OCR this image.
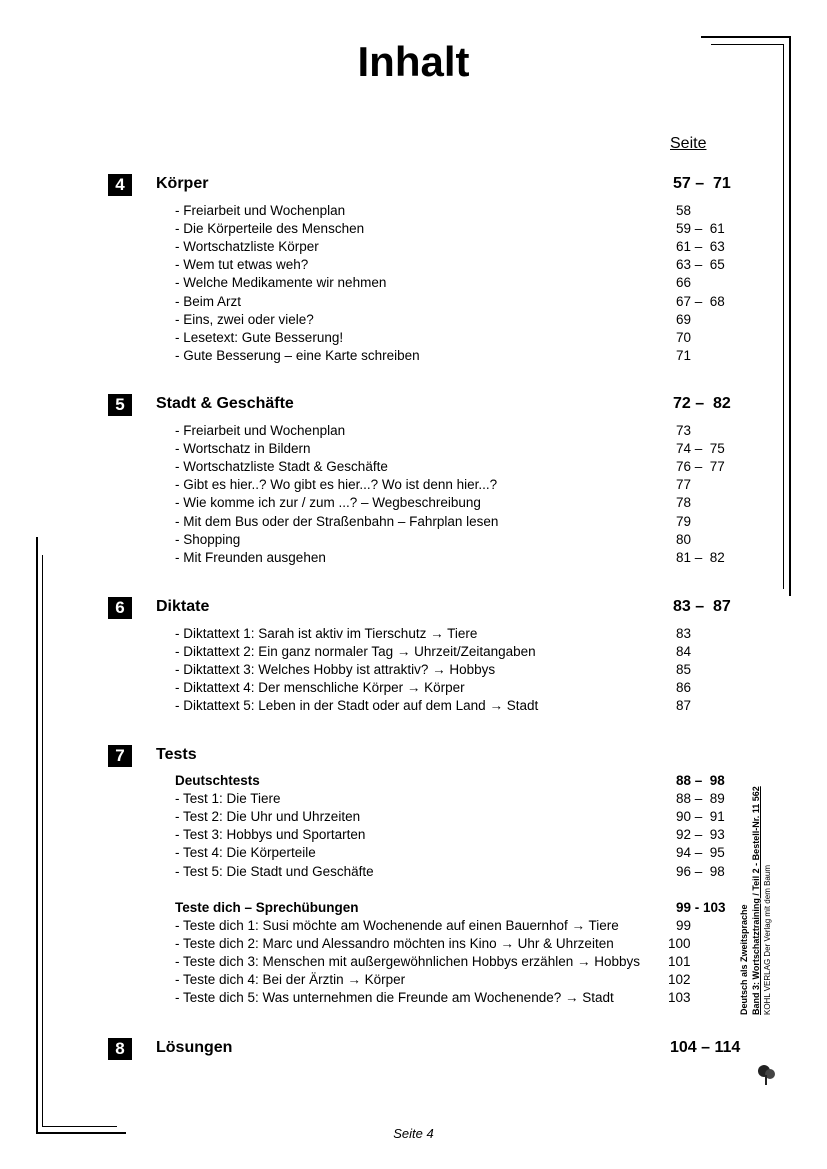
Inhalt
Seite
4	Körper	57 –  71
- Freiarbeit und Wochenplan	58
- Die Körperteile des Menschen	59 –  61
- Wortschatzliste Körper	61 –  63
- Wem tut etwas weh?	63 –  65
- Welche Medikamente wir nehmen	66
- Beim Arzt	67 –  68
- Eins, zwei oder viele?	69
- Lesetext: Gute Besserung!	70
- Gute Besserung – eine Karte schreiben	71
5	Stadt & Geschäfte	72 –  82
- Freiarbeit und Wochenplan	73
- Wortschatz in Bildern	74 –  75
- Wortschatzliste Stadt & Geschäfte	76 –  77
- Gibt es hier..? Wo gibt es hier...? Wo ist denn hier...?	77
- Wie komme ich zur / zum ...? – Wegbeschreibung	78
- Mit dem Bus oder der Straßenbahn – Fahrplan lesen	79
- Shopping	80
- Mit Freunden ausgehen	81 –  82
6	Diktate	83 –  87
- Diktattext 1: Sarah ist aktiv im Tierschutz → Tiere	83
- Diktattext 2: Ein ganz normaler Tag → Uhrzeit/Zeitangaben	84
- Diktattext 3: Welches Hobby ist attraktiv? → Hobbys	85
- Diktattext 4: Der menschliche Körper → Körper	86
- Diktattext 5: Leben in der Stadt oder auf dem Land → Stadt	87
7	Tests
Deutschtests	88 –  98
- Test 1: Die Tiere	88 –  89
- Test 2: Die Uhr und Uhrzeiten	90 –  91
- Test 3: Hobbys und Sportarten	92 –  93
- Test 4: Die Körperteile	94 –  95
- Test 5: Die Stadt und Geschäfte	96 –  98
Teste dich – Sprechübungen	99 - 103
- Teste dich 1: Susi möchte am Wochenende auf einen Bauernhof → Tiere	99
- Teste dich 2: Marc und Alessandro möchten ins Kino → Uhr & Uhrzeiten	100
- Teste dich 3: Menschen mit außergewöhnlichen Hobbys erzählen → Hobbys 101
- Teste dich 4: Bei der Ärztin → Körper	102
- Teste dich 5: Was unternehmen die Freunde am Wochenende? → Stadt	103
8	Lösungen	104 – 114
Seite 4
Deutsch als Zweitsprache Band 3: Wortschatztraining / Teil 2 - Bestell-Nr. 11 562 KOHL VERLAG Der Verlag mit dem Baum
